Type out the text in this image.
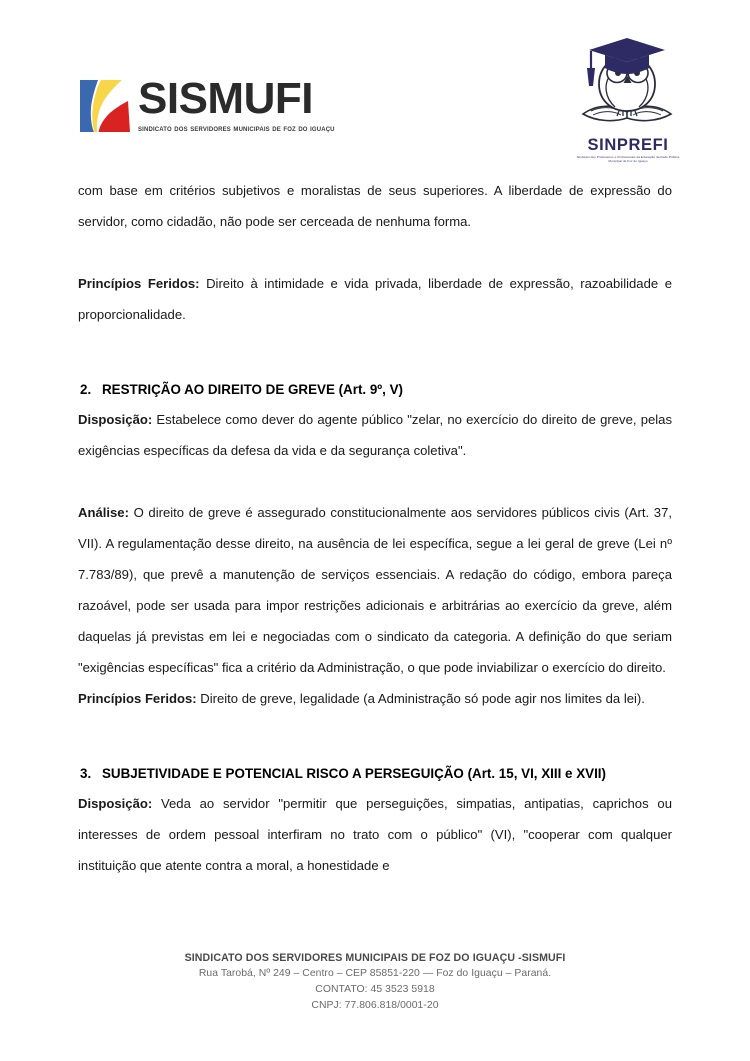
SISMUFI
sindicato dos servidores municipais de foz do iguaçu
SINPREFI
Sindicato dos Professores e Profissionais da Educação da Rede Pública Municipal de Foz do Iguaçu

com base em critérios subjetivos e moralistas de seus superiores. A liberdade de expressão do servidor, como cidadão, não pode ser cerceada de nenhuma forma.

Princípios Feridos: Direito à intimidade e vida privada, liberdade de expressão, razoabilidade e proporcionalidade.

2. RESTRIÇÃO AO DIREITO DE GREVE (Art. 9º, V)

Disposição: Estabelece como dever do agente público "zelar, no exercício do direito de greve, pelas exigências específicas da defesa da vida e da segurança coletiva".

Análise: O direito de greve é assegurado constitucionalmente aos servidores públicos civis (Art. 37, VII). A regulamentação desse direito, na ausência de lei específica, segue a lei geral de greve (Lei nº 7.783/89), que prevê a manutenção de serviços essenciais. A redação do código, embora pareça razoável, pode ser usada para impor restrições adicionais e arbitrárias ao exercício da greve, além daquelas já previstas em lei e negociadas com o sindicato da categoria. A definição do que seriam "exigências específicas" fica a critério da Administração, o que pode inviabilizar o exercício do direito.

Princípios Feridos: Direito de greve, legalidade (a Administração só pode agir nos limites da lei).

3. SUBJETIVIDADE E POTENCIAL RISCO A PERSEGUIÇÃO (Art. 15, VI, XIII e XVII)

Disposição: Veda ao servidor "permitir que perseguições, simpatias, antipatias, caprichos ou interesses de ordem pessoal interfiram no trato com o público" (VI), "cooperar com qualquer instituição que atente contra a moral, a honestidade e

SINDICATO DOS SERVIDORES MUNICIPAIS DE FOZ DO IGUAÇU -SISMUFI
Rua Tarobá, Nº 249 – Centro – CEP 85851-220 — Foz do Iguaçu – Paraná.
CONTATO: 45 3523 5918
CNPJ: 77.806.818/0001-20
